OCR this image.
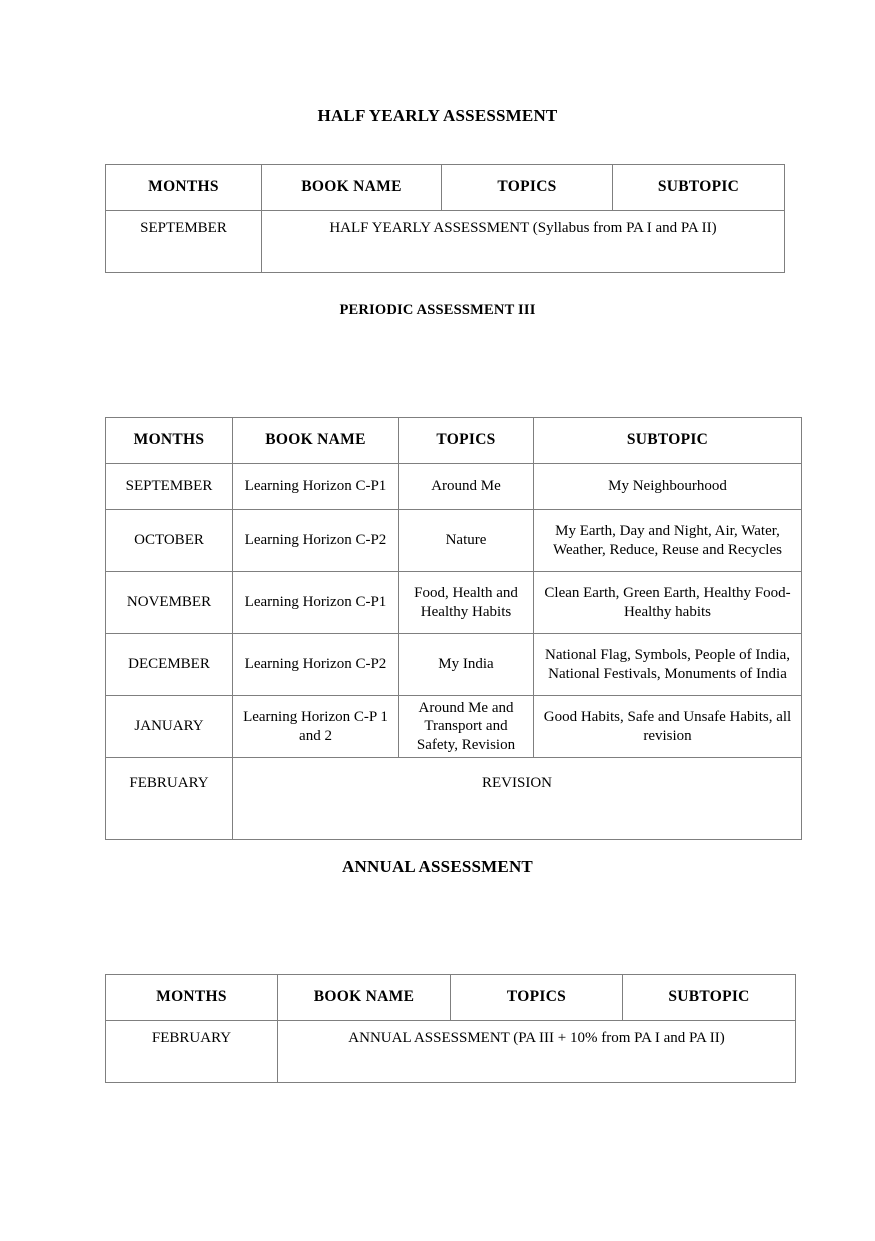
HALF YEARLY ASSESSMENT
MONTHS	BOOK NAME	TOPICS	SUBTOPIC
SEPTEMBER	HALF YEARLY ASSESSMENT (Syllabus from PA I and PA II)		
PERIODIC ASSESSMENT III
MONTHS	BOOK NAME	TOPICS	SUBTOPIC
SEPTEMBER	Learning Horizon C-P1	Around Me	My Neighbourhood
OCTOBER	Learning Horizon C-P2	Nature	My Earth, Day and Night, Air, Water, Weather, Reduce, Reuse and Recycles
NOVEMBER	Learning Horizon C-P1	Food, Health and Healthy Habits	Clean Earth, Green Earth, Healthy Food- Healthy habits
DECEMBER	Learning Horizon C-P2	My India	National Flag, Symbols, People of India, National Festivals, Monuments of India
JANUARY	Learning Horizon C-P 1 and 2	Around Me and Transport and Safety, Revision	Good Habits, Safe and Unsafe Habits, all revision
FEBRUARY	REVISION		
ANNUAL ASSESSMENT
MONTHS	BOOK NAME	TOPICS	SUBTOPIC
FEBRUARY	ANNUAL ASSESSMENT (PA III + 10% from PA I and PA II)		
